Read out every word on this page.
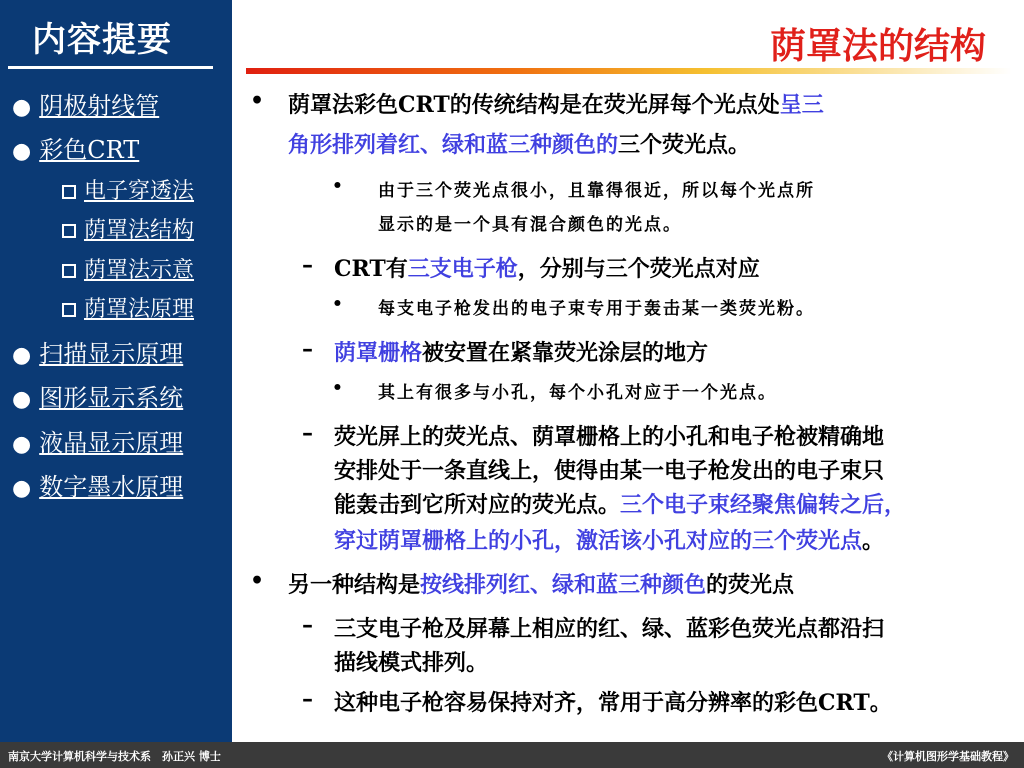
内容提要
● 阴极射线管
● 彩色CRT
电子穿透法
荫罩法结构
荫罩法示意
荫罩法原理
● 扫描显示原理
● 图形显示系统
● 液晶显示原理
● 数字墨水原理
荫罩法的结构
• 荫罩法彩色CRT的传统结构是在荧光屏每个光点处呈三
角形排列着红、绿和蓝三种颜色的三个荧光点。
• 由于三个荧光点很小，且靠得很近，所以每个光点所
显示的是一个具有混合颜色的光点。
– CRT有三支电子枪，分别与三个荧光点对应
• 每支电子枪发出的电子束专用于轰击某一类荧光粉。
– 荫罩栅格被安置在紧靠荧光涂层的地方
• 其上有很多与小孔，每个小孔对应于一个光点。
– 荧光屏上的荧光点、荫罩栅格上的小孔和电子枪被精确地
安排处于一条直线上，使得由某一电子枪发出的电子束只
能轰击到它所对应的荧光点。三个电子束经聚焦偏转之后，
穿过荫罩栅格上的小孔，激活该小孔对应的三个荧光点。
• 另一种结构是按线排列红、绿和蓝三种颜色的荧光点
– 三支电子枪及屏幕上相应的红、绿、蓝彩色荧光点都沿扫
描线模式排列。
– 这种电子枪容易保持对齐，常用于高分辨率的彩色CRT。
南京大学计算机科学与技术系　孙正兴 博士	《计算机图形学基础教程》
